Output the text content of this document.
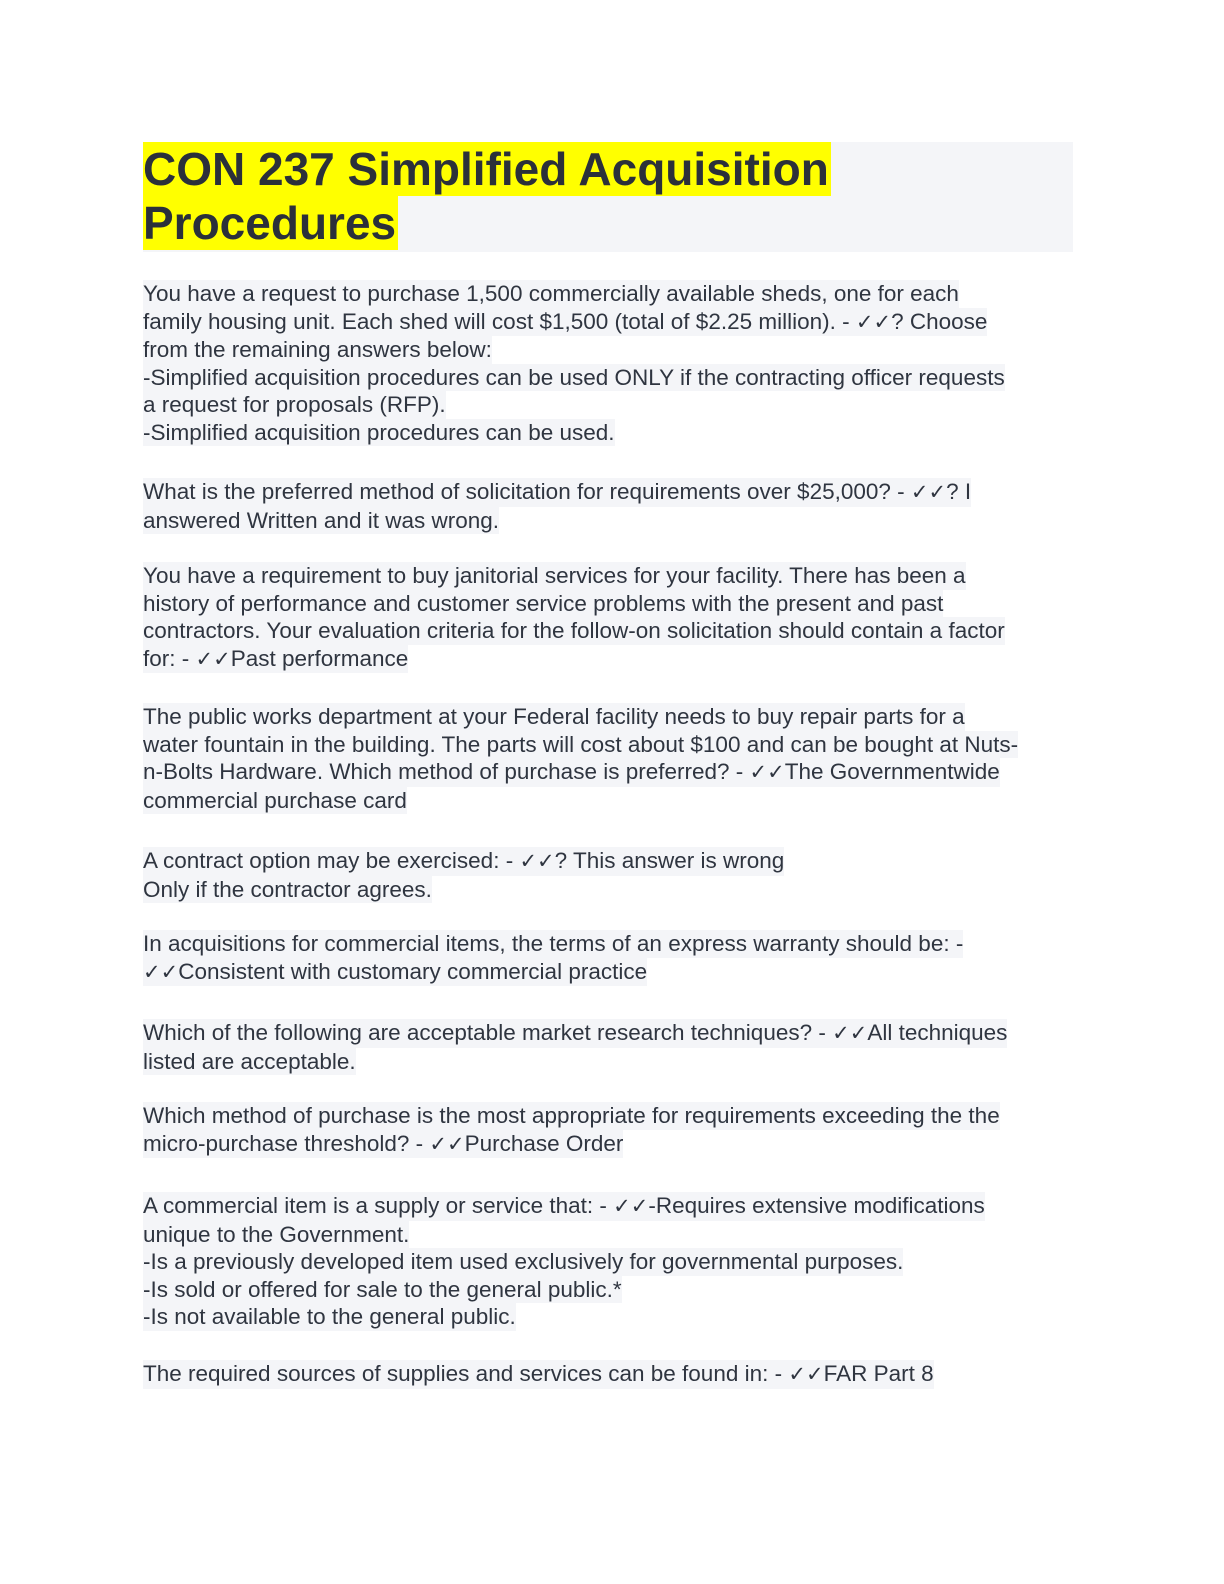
CON 237 Simplified Acquisition
Procedures
You have a request to purchase 1,500 commercially available sheds, one for each
family housing unit. Each shed will cost $1,500 (total of $2.25 million). - ✓✓? Choose
from the remaining answers below:
-Simplified acquisition procedures can be used ONLY if the contracting officer requests
a request for proposals (RFP).
-Simplified acquisition procedures can be used.
What is the preferred method of solicitation for requirements over $25,000? - ✓✓? I
answered Written and it was wrong.
You have a requirement to buy janitorial services for your facility. There has been a
history of performance and customer service problems with the present and past
contractors. Your evaluation criteria for the follow-on solicitation should contain a factor
for: - ✓✓Past performance
The public works department at your Federal facility needs to buy repair parts for a
water fountain in the building. The parts will cost about $100 and can be bought at Nuts-
n-Bolts Hardware. Which method of purchase is preferred? - ✓✓The Governmentwide
commercial purchase card
A contract option may be exercised: - ✓✓? This answer is wrong
Only if the contractor agrees.
In acquisitions for commercial items, the terms of an express warranty should be: -
✓✓Consistent with customary commercial practice
Which of the following are acceptable market research techniques? - ✓✓All techniques
listed are acceptable.
Which method of purchase is the most appropriate for requirements exceeding the the
micro-purchase threshold? - ✓✓Purchase Order
A commercial item is a supply or service that: - ✓✓-Requires extensive modifications
unique to the Government.
-Is a previously developed item used exclusively for governmental purposes.
-Is sold or offered for sale to the general public.*
-Is not available to the general public.
The required sources of supplies and services can be found in: - ✓✓FAR Part 8
